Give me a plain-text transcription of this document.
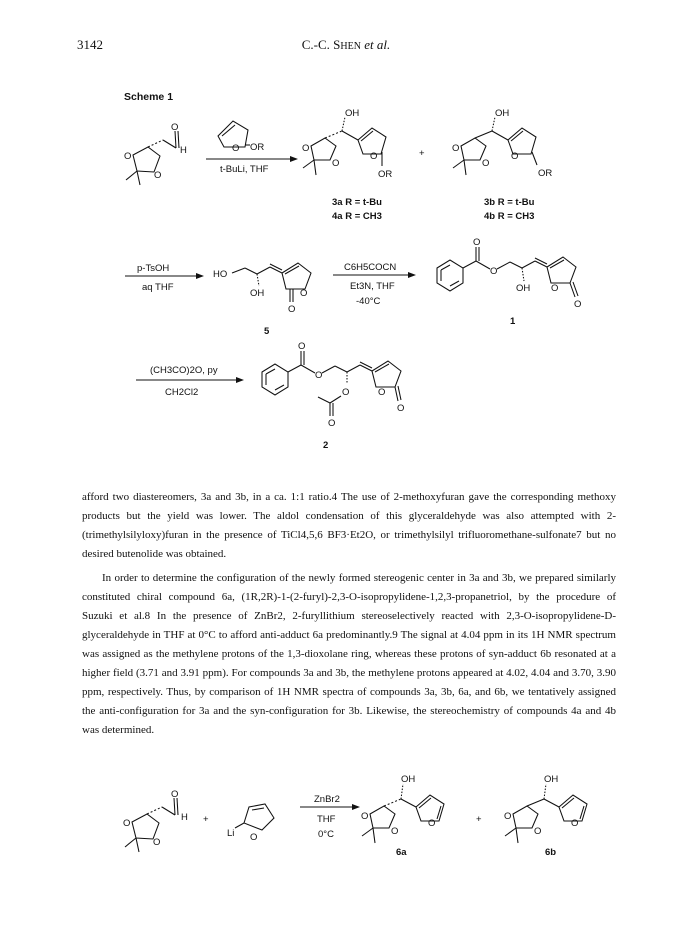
3142	C.-C. SHEN et al.
Scheme 1
O
H
O
O
O OR
t-BuLi, THF
OH
O
O
O
OR
+
OH
O
O
O
OR
3a R = t-Bu
4a R = CH3
3b R = t-Bu
4b R = CH3
p-TsOH
aq THF
HO
OH	O
O
5
C6H5COCN
Et3N, THF
-40°C
O
O
OH O
O
1
(CH3CO)2O, py
CH2Cl2
O
O
O	O
O
O
2
O
H
O
O
+
Li O
ZnBr2
THF
0°C
OH
O
O
O
6a
+
OH
O
O
O
6b

afford two diastereomers, 3a and 3b, in a ca. 1:1 ratio.4 The use of 2-methoxyfuran gave the corresponding methoxy products but the yield was lower. The aldol condensation of this glyceraldehyde was also attempted with 2-(trimethylsilyloxy)furan in the presence of TiCl4,5,6 BF3·Et2O, or trimethylsilyl trifluoromethane-sulfonate7 but no desired butenolide was obtained.

In order to determine the configuration of the newly formed stereogenic center in 3a and 3b, we prepared similarly constituted chiral compound 6a, (1R,2R)-1-(2-furyl)-2,3-O-isopropylidene-1,2,3-propanetriol, by the procedure of Suzuki et al.8 In the presence of ZnBr2, 2-furyllithium stereoselectively reacted with 2,3-O-isopropylidene-D-glyceraldehyde in THF at 0°C to afford anti-adduct 6a predominantly.9 The signal at 4.04 ppm in its 1H NMR spectrum was assigned as the methylene protons of the 1,3-dioxolane ring, whereas these protons of syn-adduct 6b resonated at a higher field (3.71 and 3.91 ppm). For compounds 3a and 3b, the methylene protons appeared at 4.02, 4.04 and 3.70, 3.90 ppm, respectively. Thus, by comparison of 1H NMR spectra of compounds 3a, 3b, 6a, and 6b, we tentatively assigned the anti-configuration for 3a and the syn-configuration for 3b. Likewise, the stereochemistry of compounds 4a and 4b was determined.
